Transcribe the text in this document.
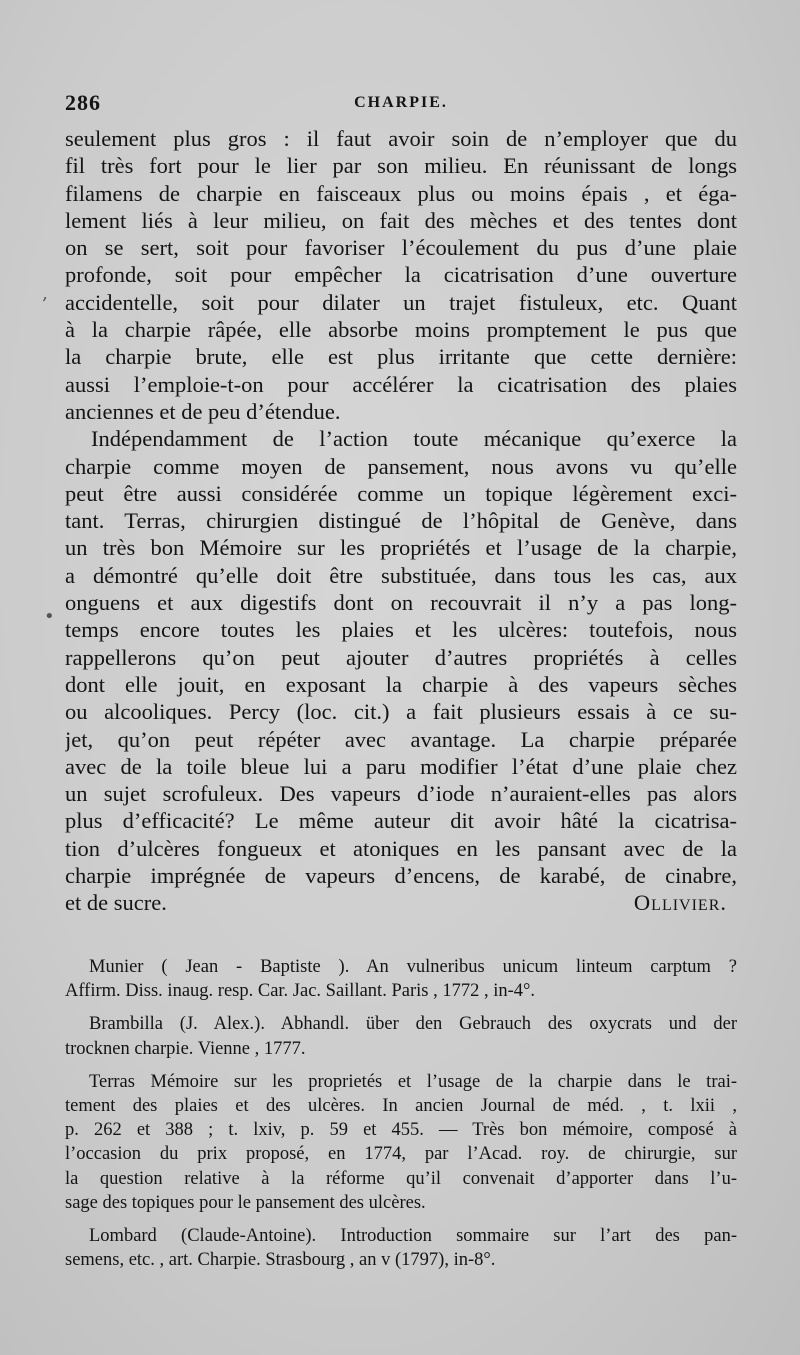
286	CHARPIE.
‚
•
seulement plus gros : il faut avoir soin de n’employer que du
fil très fort pour le lier par son milieu. En réunissant de longs
filamens de charpie en faisceaux plus ou moins épais , et éga-
lement liés à leur milieu, on fait des mèches et des tentes dont
on se sert, soit pour favoriser l’écoulement du pus d’une plaie
profonde, soit pour empêcher la cicatrisation d’une ouverture
accidentelle, soit pour dilater un trajet fistuleux, etc. Quant
à la charpie râpée, elle absorbe moins promptement le pus que
la charpie brute, elle est plus irritante que cette dernière:
aussi l’emploie-t-on pour accélérer la cicatrisation des plaies
anciennes et de peu d’étendue.
Indépendamment de l’action toute mécanique qu’exerce la
charpie comme moyen de pansement, nous avons vu qu’elle
peut être aussi considérée comme un topique légèrement exci-
tant. Terras, chirurgien distingué de l’hôpital de Genève, dans
un très bon Mémoire sur les propriétés et l’usage de la charpie,
a démontré qu’elle doit être substituée, dans tous les cas, aux
onguens et aux digestifs dont on recouvrait il n’y a pas long-
temps encore toutes les plaies et les ulcères: toutefois, nous
rappellerons qu’on peut ajouter d’autres propriétés à celles
dont elle jouit, en exposant la charpie à des vapeurs sèches
ou alcooliques. Percy (loc. cit.) a fait plusieurs essais à ce su-
jet, qu’on peut répéter avec avantage. La charpie préparée
avec de la toile bleue lui a paru modifier l’état d’une plaie chez
un sujet scrofuleux. Des vapeurs d’iode n’auraient-elles pas alors
plus d’efficacité? Le même auteur dit avoir hâté la cicatrisa-
tion d’ulcères fongueux et atoniques en les pansant avec de la
charpie imprégnée de vapeurs d’encens, de karabé, de cinabre,
et de sucre.	Ollivier.
Munier ( Jean - Baptiste ). An vulneribus unicum linteum carptum ?
Affirm. Diss. inaug. resp. Car. Jac. Saillant. Paris , 1772 , in-4°.
Brambilla (J. Alex.). Abhandl. über den Gebrauch des oxycrats und der
trocknen charpie. Vienne , 1777.
Terras Mémoire sur les proprietés et l’usage de la charpie dans le trai-
tement des plaies et des ulcères. In ancien Journal de méd. , t. lxii ,
p. 262 et 388 ; t. lxiv, p. 59 et 455. — Très bon mémoire, composé à
l’occasion du prix proposé, en 1774, par l’Acad. roy. de chirurgie, sur
la question relative à la réforme qu’il convenait d’apporter dans l’u-
sage des topiques pour le pansement des ulcères.
Lombard (Claude-Antoine). Introduction sommaire sur l’art des pan-
semens, etc. , art. Charpie. Strasbourg , an v (1797), in-8°.
